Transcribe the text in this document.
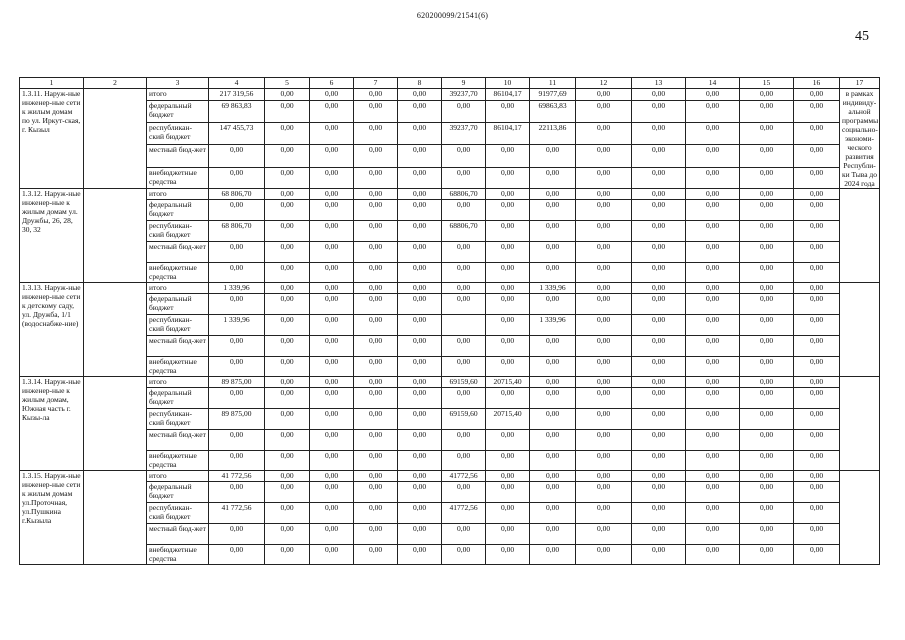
620200099/21541(6)
45
1	2	3	4	5	6	7	8	9	10	11	12	13	14	15	16	17
1.3.11. Наруж-ные инженер-ные сети к жилым домам по ул. Иркут-ская, г. Кызыл		итого	217 319,56	0,00	0,00	0,00	0,00	39237,70	86104,17	91977,69	0,00	0,00	0,00	0,00	0,00	в рамках индивиду-альной программы социально-экономи-ческого развития Республи-ки Тыва до 2024 года
		федеральный бюджет	69 863,83	0,00	0,00	0,00	0,00	0,00	0,00	69863,83	0,00	0,00	0,00	0,00	0,00	
		республикан-ский бюджет	147 455,73	0,00	0,00	0,00	0,00	39237,70	86104,17	22113,86	0,00	0,00	0,00	0,00	0,00	
		местный бюд-жет	0,00	0,00	0,00	0,00	0,00	0,00	0,00	0,00	0,00	0,00	0,00	0,00	0,00	
		внебюджетные средства	0,00	0,00	0,00	0,00	0,00	0,00	0,00	0,00	0,00	0,00	0,00	0,00	0,00	
1.3.12. Наруж-ные инженер-ные к жилым домам ул. Дружбы, 26, 28, 30, 32		итого	68 806,70	0,00	0,00	0,00	0,00	68806,70	0,00	0,00	0,00	0,00	0,00	0,00	0,00	
		федеральный бюджет	0,00	0,00	0,00	0,00	0,00	0,00	0,00	0,00	0,00	0,00	0,00	0,00	0,00	
		республикан-ский бюджет	68 806,70	0,00	0,00	0,00	0,00	68806,70	0,00	0,00	0,00	0,00	0,00	0,00	0,00	
		местный бюд-жет	0,00	0,00	0,00	0,00	0,00	0,00	0,00	0,00	0,00	0,00	0,00	0,00	0,00	
		внебюджетные средства	0,00	0,00	0,00	0,00	0,00	0,00	0,00	0,00	0,00	0,00	0,00	0,00	0,00	
1.3.13. Наруж-ные инженер-ные сети к детскому саду, ул. Дружба, 1/1 (водоснабже-ние)		итого	1 339,96	0,00	0,00	0,00	0,00	0,00	0,00	1 339,96	0,00	0,00	0,00	0,00	0,00	
		федеральный бюджет	0,00	0,00	0,00	0,00	0,00	0,00	0,00	0,00	0,00	0,00	0,00	0,00	0,00	
		республикан-ский бюджет	1 339,96	0,00	0,00	0,00	0,00		0,00	1 339,96	0,00	0,00	0,00	0,00	0,00	
		местный бюд-жет	0,00	0,00	0,00	0,00	0,00	0,00	0,00	0,00	0,00	0,00	0,00	0,00	0,00	
		внебюджетные средства	0,00	0,00	0,00	0,00	0,00	0,00	0,00	0,00	0,00	0,00	0,00	0,00	0,00	
1.3.14. Наруж-ные инженер-ные к жилым домам, Южная часть г. Кызы-ла		итого	89 875,00	0,00	0,00	0,00	0,00	69159,60	20715,40	0,00	0,00	0,00	0,00	0,00	0,00	
		федеральный бюджет	0,00	0,00	0,00	0,00	0,00	0,00	0,00	0,00	0,00	0,00	0,00	0,00	0,00	
		республикан-ский бюджет	89 875,00	0,00	0,00	0,00	0,00	69159,60	20715,40	0,00	0,00	0,00	0,00	0,00	0,00	
		местный бюд-жет	0,00	0,00	0,00	0,00	0,00	0,00	0,00	0,00	0,00	0,00	0,00	0,00	0,00	
		внебюджетные средства	0,00	0,00	0,00	0,00	0,00	0,00	0,00	0,00	0,00	0,00	0,00	0,00	0,00	
1.3.15. Наруж-ные инженер-ные сети к жилым домам ул.Проточная, ул.Пушкина г.Кызыла		итого	41 772,56	0,00	0,00	0,00	0,00	41772,56	0,00	0,00	0,00	0,00	0,00	0,00	0,00	
		федеральный бюджет	0,00	0,00	0,00	0,00	0,00	0,00	0,00	0,00	0,00	0,00	0,00	0,00	0,00	
		республикан-ский бюджет	41 772,56	0,00	0,00	0,00	0,00	41772,56	0,00	0,00	0,00	0,00	0,00	0,00	0,00	
		местный бюд-жет	0,00	0,00	0,00	0,00	0,00	0,00	0,00	0,00	0,00	0,00	0,00	0,00	0,00	
		внебюджетные средства	0,00	0,00	0,00	0,00	0,00	0,00	0,00	0,00	0,00	0,00	0,00	0,00	0,00	
